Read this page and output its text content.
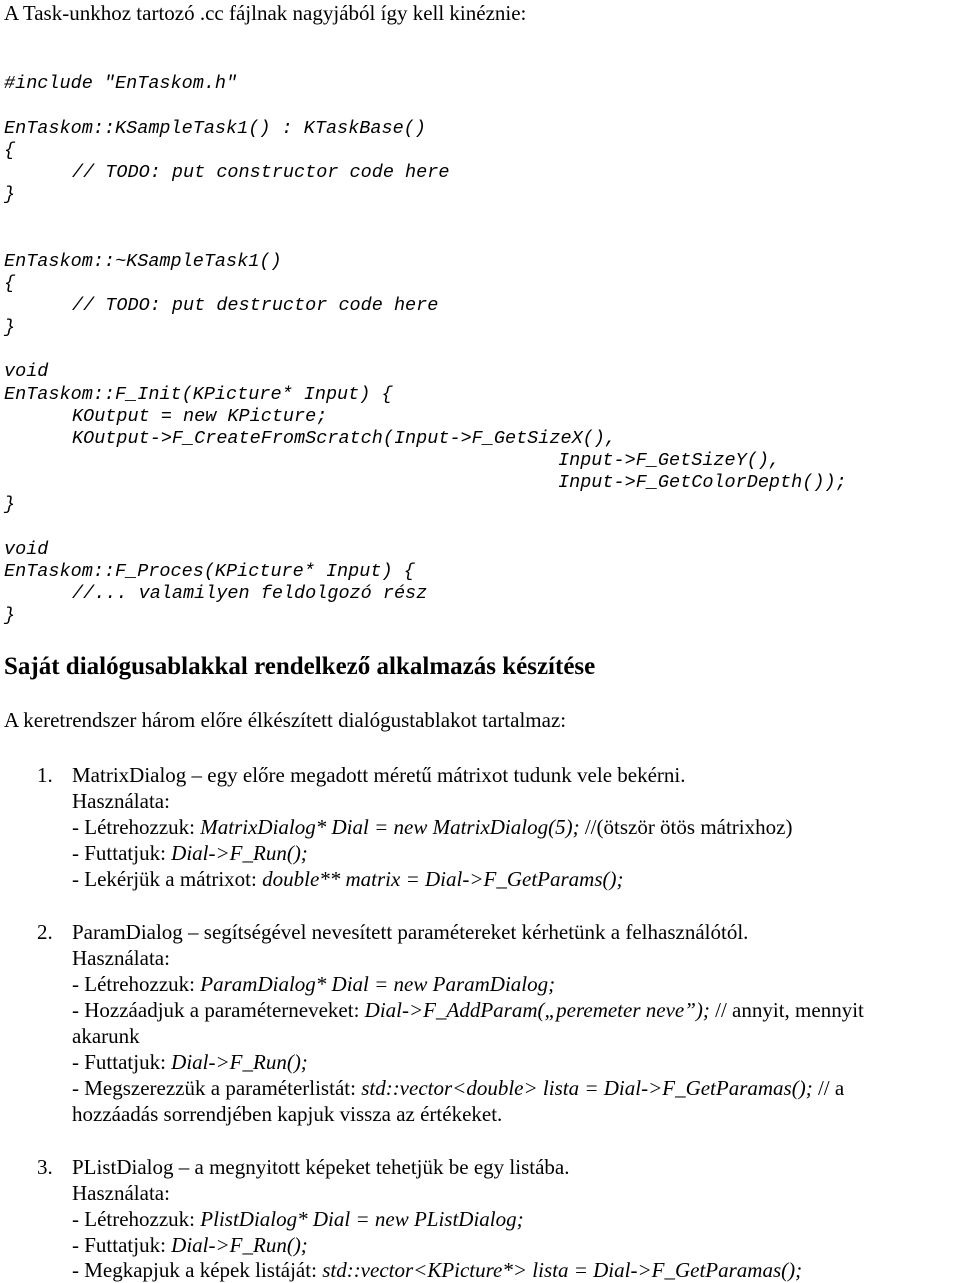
A Task-unkhoz tartozó .cc fájlnak nagyjából így kell kinéznie:
#include "EnTaskom.h"
EnTaskom::KSampleTask1() : KTaskBase()
{
// TODO: put constructor code here
}
EnTaskom::~KSampleTask1()
{
// TODO: put destructor code here
}
void
EnTaskom::F_Init(KPicture* Input) {
KOutput = new KPicture;
KOutput->F_CreateFromScratch(Input->F_GetSizeX(),
Input->F_GetSizeY(),
Input->F_GetColorDepth());
}
void
EnTaskom::F_Proces(KPicture* Input) {
//... valamilyen feldolgozó rész
}
Saját dialógusablakkal rendelkező alkalmazás készítése
A keretrendszer három előre élkészített dialógustablakot tartalmaz:
1. MatrixDialog – egy előre megadott méretű mátrixot tudunk vele bekérni.
Használata:
- Létrehozzuk: MatrixDialog* Dial = new MatrixDialog(5); //(ötször ötös mátrixhoz)
- Futtatjuk: Dial->F_Run();
- Lekérjük a mátrixot: double** matrix = Dial->F_GetParams();
2. ParamDialog – segítségével nevesített paramétereket kérhetünk a felhasználótól.
Használata:
- Létrehozzuk: ParamDialog* Dial = new ParamDialog;
- Hozzáadjuk a paraméterneveket: Dial->F_AddParam(„peremeter neve”); // annyit, mennyit
akarunk
- Futtatjuk: Dial->F_Run();
- Megszerezzük a paraméterlistát: std::vector<double> lista = Dial->F_GetParamas(); // a
hozzáadás sorrendjében kapjuk vissza az értékeket.
3. PListDialog – a megnyitott képeket tehetjük be egy listába.
Használata:
- Létrehozzuk: PlistDialog* Dial = new PListDialog;
- Futtatjuk: Dial->F_Run();
- Megkapjuk a képek listáját: std::vector<KPicture*> lista = Dial->F_GetParamas();
